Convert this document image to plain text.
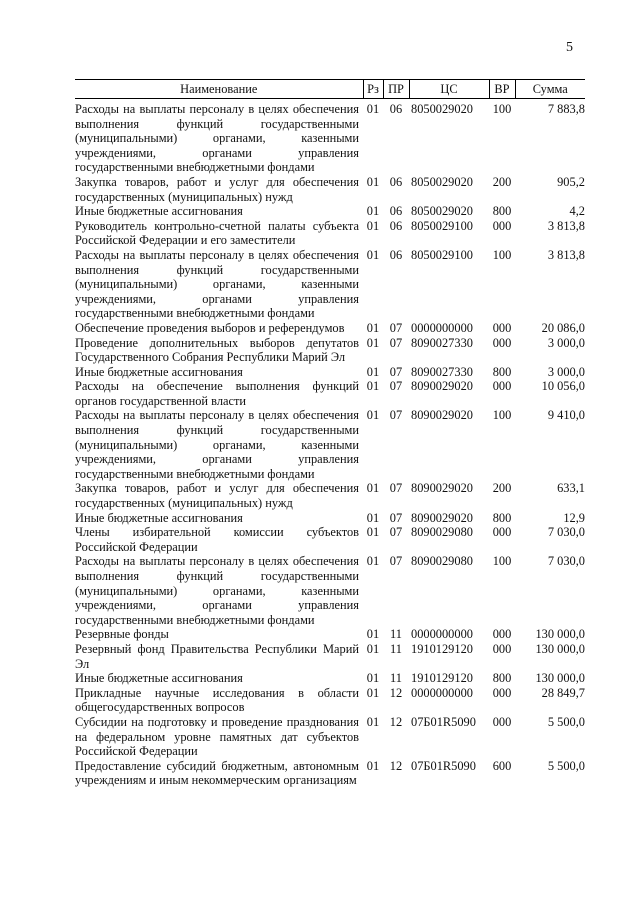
5
Наименование	Рз	ПР	ЦС	ВР	Сумма
Расходы на выплаты персоналу в целях обеспечения выполнения функций государственными (муниципальными) органами, казенными учреждениями, органами управления государственными внебюджетными фондами	01	06	8050029020	100	7 883,8
Закупка товаров, работ и услуг для обеспечения государственных (муниципальных) нужд	01	06	8050029020	200	905,2
Иные бюджетные ассигнования	01	06	8050029020	800	4,2
Руководитель контрольно-счетной палаты субъекта Российской Федерации и его заместители	01	06	8050029100	000	3 813,8
Расходы на выплаты персоналу в целях обеспечения выполнения функций государственными (муниципальными) органами, казенными учреждениями, органами управления государственными внебюджетными фондами	01	06	8050029100	100	3 813,8
Обеспечение проведения выборов и референдумов	01	07	0000000000	000	20 086,0
Проведение дополнительных выборов депутатов Государственного Собрания Республики Марий Эл	01	07	8090027330	000	3 000,0
Иные бюджетные ассигнования	01	07	8090027330	800	3 000,0
Расходы на обеспечение выполнения функций органов государственной власти	01	07	8090029020	000	10 056,0
Расходы на выплаты персоналу в целях обеспечения выполнения функций государственными (муниципальными) органами, казенными учреждениями, органами управления государственными внебюджетными фондами	01	07	8090029020	100	9 410,0
Закупка товаров, работ и услуг для обеспечения государственных (муниципальных) нужд	01	07	8090029020	200	633,1
Иные бюджетные ассигнования	01	07	8090029020	800	12,9
Члены избирательной комиссии субъектов Российской Федерации	01	07	8090029080	000	7 030,0
Расходы на выплаты персоналу в целях обеспечения выполнения функций государственными (муниципальными) органами, казенными учреждениями, органами управления государственными внебюджетными фондами	01	07	8090029080	100	7 030,0
Резервные фонды	01	11	0000000000	000	130 000,0
Резервный фонд Правительства Республики Марий Эл	01	11	1910129120	000	130 000,0
Иные бюджетные ассигнования	01	11	1910129120	800	130 000,0
Прикладные научные исследования в области общегосударственных вопросов	01	12	0000000000	000	28 849,7
Субсидии на подготовку и проведение празднования на федеральном уровне памятных дат субъектов Российской Федерации	01	12	07Б01R5090	000	5 500,0
Предоставление субсидий бюджетным, автономным учреждениям и иным некоммерческим организациям	01	12	07Б01R5090	600	5 500,0
